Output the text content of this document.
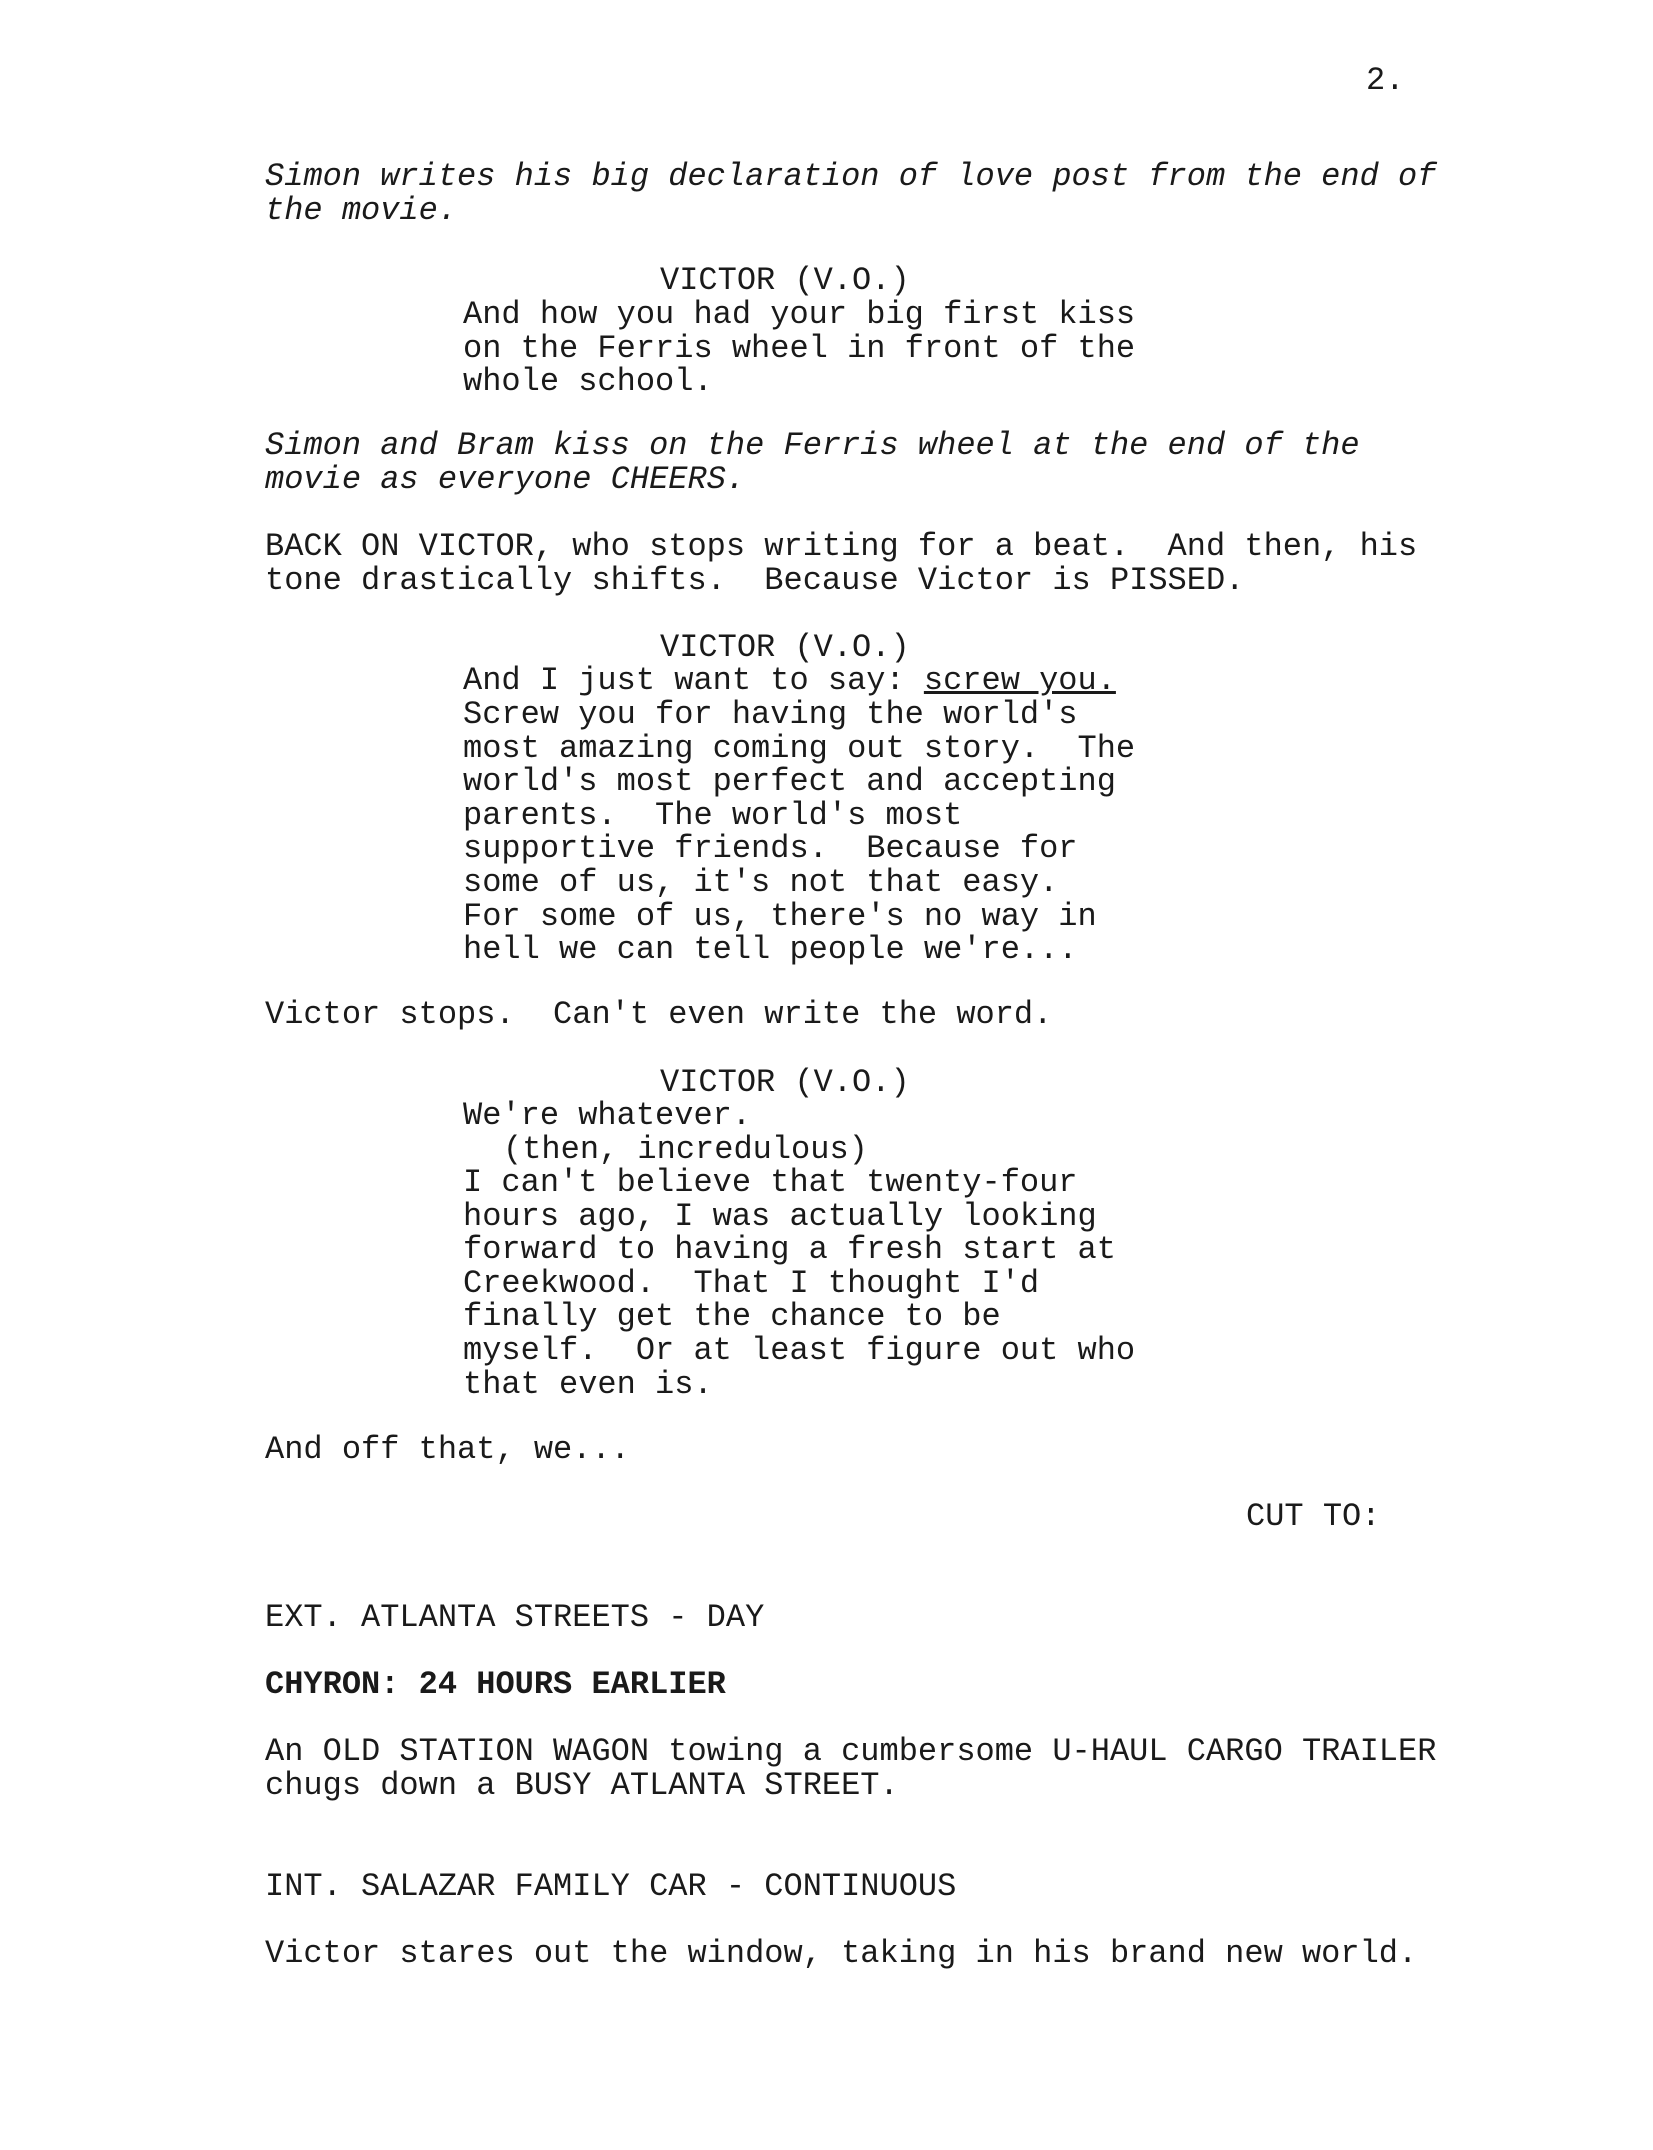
2.
Simon writes his big declaration of love post from the end of
the movie.
VICTOR (V.O.)
And how you had your big first kiss
on the Ferris wheel in front of the
whole school.
Simon and Bram kiss on the Ferris wheel at the end of the
movie as everyone CHEERS.
BACK ON VICTOR, who stops writing for a beat.  And then, his
tone drastically shifts.  Because Victor is PISSED.
VICTOR (V.O.)
And I just want to say: screw you.
Screw you for having the world's
most amazing coming out story.  The
world's most perfect and accepting
parents.  The world's most
supportive friends.  Because for
some of us, it's not that easy.
For some of us, there's no way in
hell we can tell people we're...
Victor stops.  Can't even write the word.
VICTOR (V.O.)
We're whatever.
(then, incredulous)
I can't believe that twenty-four
hours ago, I was actually looking
forward to having a fresh start at
Creekwood.  That I thought I'd
finally get the chance to be
myself.  Or at least figure out who
that even is.
And off that, we...
CUT TO:
EXT. ATLANTA STREETS - DAY
CHYRON: 24 HOURS EARLIER
An OLD STATION WAGON towing a cumbersome U-HAUL CARGO TRAILER
chugs down a BUSY ATLANTA STREET.
INT. SALAZAR FAMILY CAR - CONTINUOUS
Victor stares out the window, taking in his brand new world.
